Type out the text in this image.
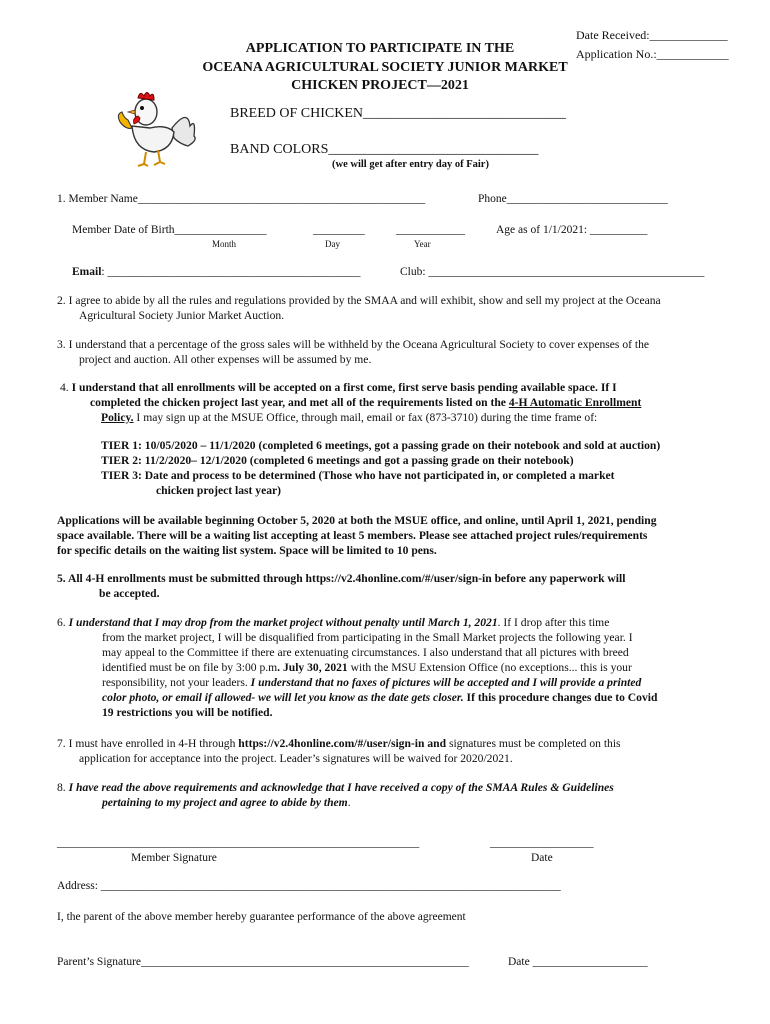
Date Received:_____________
Application No.:____________
APPLICATION TO PARTICIPATE IN THE
OCEANA AGRICULTURAL SOCIETY JUNIOR MARKET
CHICKEN PROJECT—2021
BREED OF CHICKEN_____________________________
BAND COLORS______________________________
(we will get after entry day of Fair)
1. Member Name__________________________________________________	Phone____________________________
Member Date of Birth________________	_________	____________	Age as of 1/1/2021: __________
Month	Day	Year
Email: ____________________________________________	Club: ________________________________________________
2. I agree to abide by all the rules and regulations provided by the SMAA and will exhibit, show and sell my project at the Oceana
Agricultural Society Junior Market Auction.
3. I understand that a percentage of the gross sales will be withheld by the Oceana Agricultural Society to cover expenses of the
project and auction. All other expenses will be assumed by me.
4. I understand that all enrollments will be accepted on a first come, first serve basis pending available space. If I
completed the chicken project last year, and met all of the requirements listed on the 4-H Automatic Enrollment
Policy. I may sign up at the MSUE Office, through mail, email or fax (873-3710) during the time frame of:
TIER 1: 10/05/2020 – 11/1/2020 (completed 6 meetings, got a passing grade on their notebook and sold at auction)
TIER 2: 11/2/2020– 12/1/2020 (completed 6 meetings and got a passing grade on their notebook)
TIER 3: Date and process to be determined (Those who have not participated in, or completed a market
chicken project last year)
Applications will be available beginning October 5, 2020 at both the MSUE office, and online, until April 1, 2021, pending
space available. There will be a waiting list accepting at least 5 members. Please see attached project rules/requirements
for specific details on the waiting list system. Space will be limited to 10 pens.
5. All 4-H enrollments must be submitted through https://v2.4honline.com/#/user/sign-in before any paperwork will
be accepted.
6. I understand that I may drop from the market project without penalty until March 1, 2021. If I drop after this time
from the market project, I will be disqualified from participating in the Small Market projects the following year. I
may appeal to the Committee if there are extenuating circumstances. I also understand that all pictures with breed
identified must be on file by 3:00 p.m. July 30, 2021 with the MSU Extension Office (no exceptions... this is your
responsibility, not your leaders. I understand that no faxes of pictures will be accepted and I will provide a printed
color photo, or email if allowed- we will let you know as the date gets closer. If this procedure changes due to Covid
19 restrictions you will be notified.
7. I must have enrolled in 4-H through https://v2.4honline.com/#/user/sign-in and signatures must be completed on this
application for acceptance into the project. Leader’s signatures will be waived for 2020/2021.
8. I have read the above requirements and acknowledge that I have received a copy of the SMAA Rules & Guidelines
pertaining to my project and agree to abide by them.
_______________________________________________________________	__________________
Member Signature	Date
Address: ________________________________________________________________________________
I, the parent of the above member hereby guarantee performance of the above agreement
Parent’s Signature_________________________________________________________	Date ____________________
